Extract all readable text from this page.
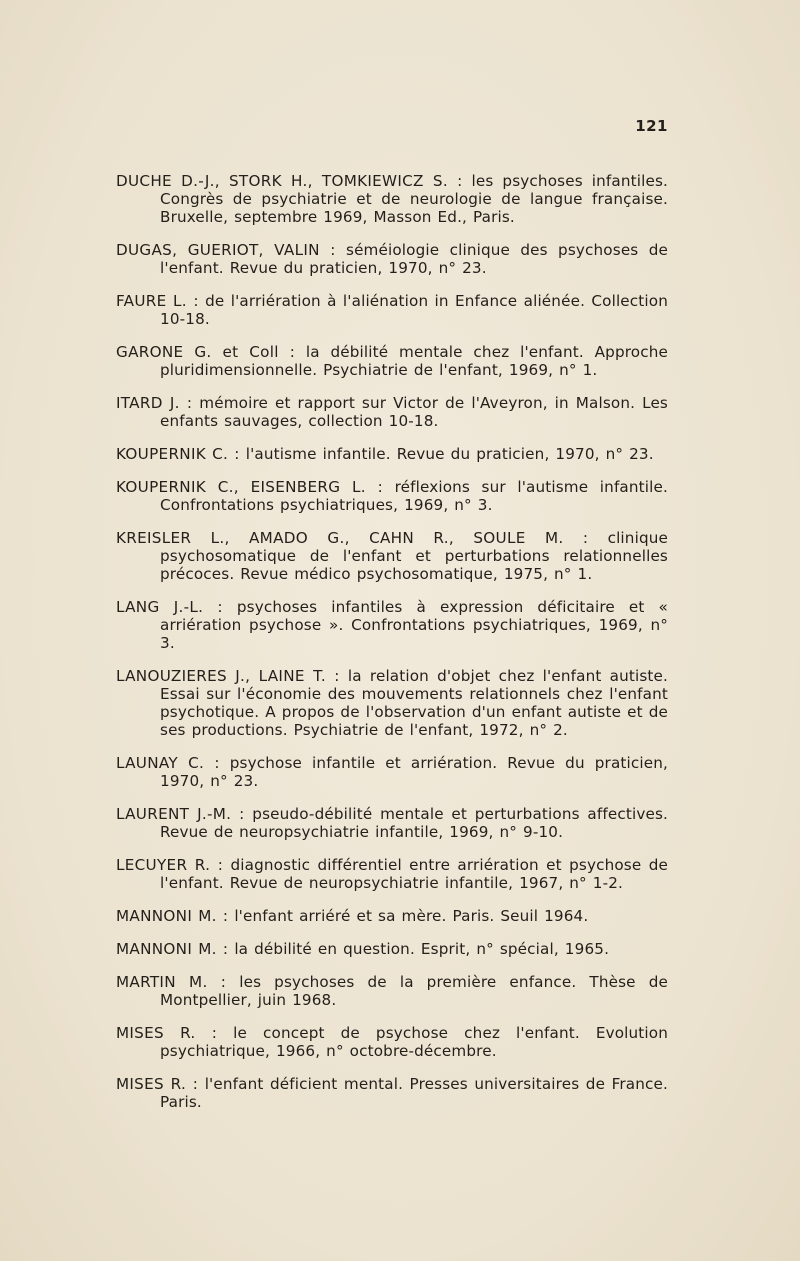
121
DUCHE D.-J., STORK H., TOMKIEWICZ S. : les psychoses infantiles. Congrès de psychiatrie et de neurologie de langue française. Bruxelle, septembre 1969, Masson Ed., Paris.
DUGAS, GUERIOT, VALIN : séméiologie clinique des psychoses de l'enfant. Revue du praticien, 1970, n° 23.
FAURE L. : de l'arriération à l'aliénation in Enfance aliénée. Collection 10-18.
GARONE G. et Coll : la débilité mentale chez l'enfant. Approche pluridimensionnelle. Psychiatrie de l'enfant, 1969, n° 1.
ITARD J. : mémoire et rapport sur Victor de l'Aveyron, in Malson. Les enfants sauvages, collection 10-18.
KOUPERNIK C. : l'autisme infantile. Revue du praticien, 1970, n° 23.
KOUPERNIK C., EISENBERG L. : réflexions sur l'autisme infantile. Confrontations psychiatriques, 1969, n° 3.
KREISLER L., AMADO G., CAHN R., SOULE M. : clinique psychosomatique de l'enfant et perturbations relationnelles précoces. Revue médico psychosomatique, 1975, n° 1.
LANG J.-L. : psychoses infantiles à expression déficitaire et « arriération psychose ». Confrontations psychiatriques, 1969, n° 3.
LANOUZIERES J., LAINE T. : la relation d'objet chez l'enfant autiste. Essai sur l'économie des mouvements relationnels chez l'enfant psychotique. A propos de l'observation d'un enfant autiste et de ses productions. Psychiatrie de l'enfant, 1972, n° 2.
LAUNAY C. : psychose infantile et arriération. Revue du praticien, 1970, n° 23.
LAURENT J.-M. : pseudo-débilité mentale et perturbations affectives. Revue de neuropsychiatrie infantile, 1969, n° 9-10.
LECUYER R. : diagnostic différentiel entre arriération et psychose de l'enfant. Revue de neuropsychiatrie infantile, 1967, n° 1-2.
MANNONI M. : l'enfant arriéré et sa mère. Paris. Seuil 1964.
MANNONI M. : la débilité en question. Esprit, n° spécial, 1965.
MARTIN M. : les psychoses de la première enfance. Thèse de Montpellier, juin 1968.
MISES R. : le concept de psychose chez l'enfant. Evolution psychiatrique, 1966, n° octobre-décembre.
MISES R. : l'enfant déficient mental. Presses universitaires de France. Paris.
